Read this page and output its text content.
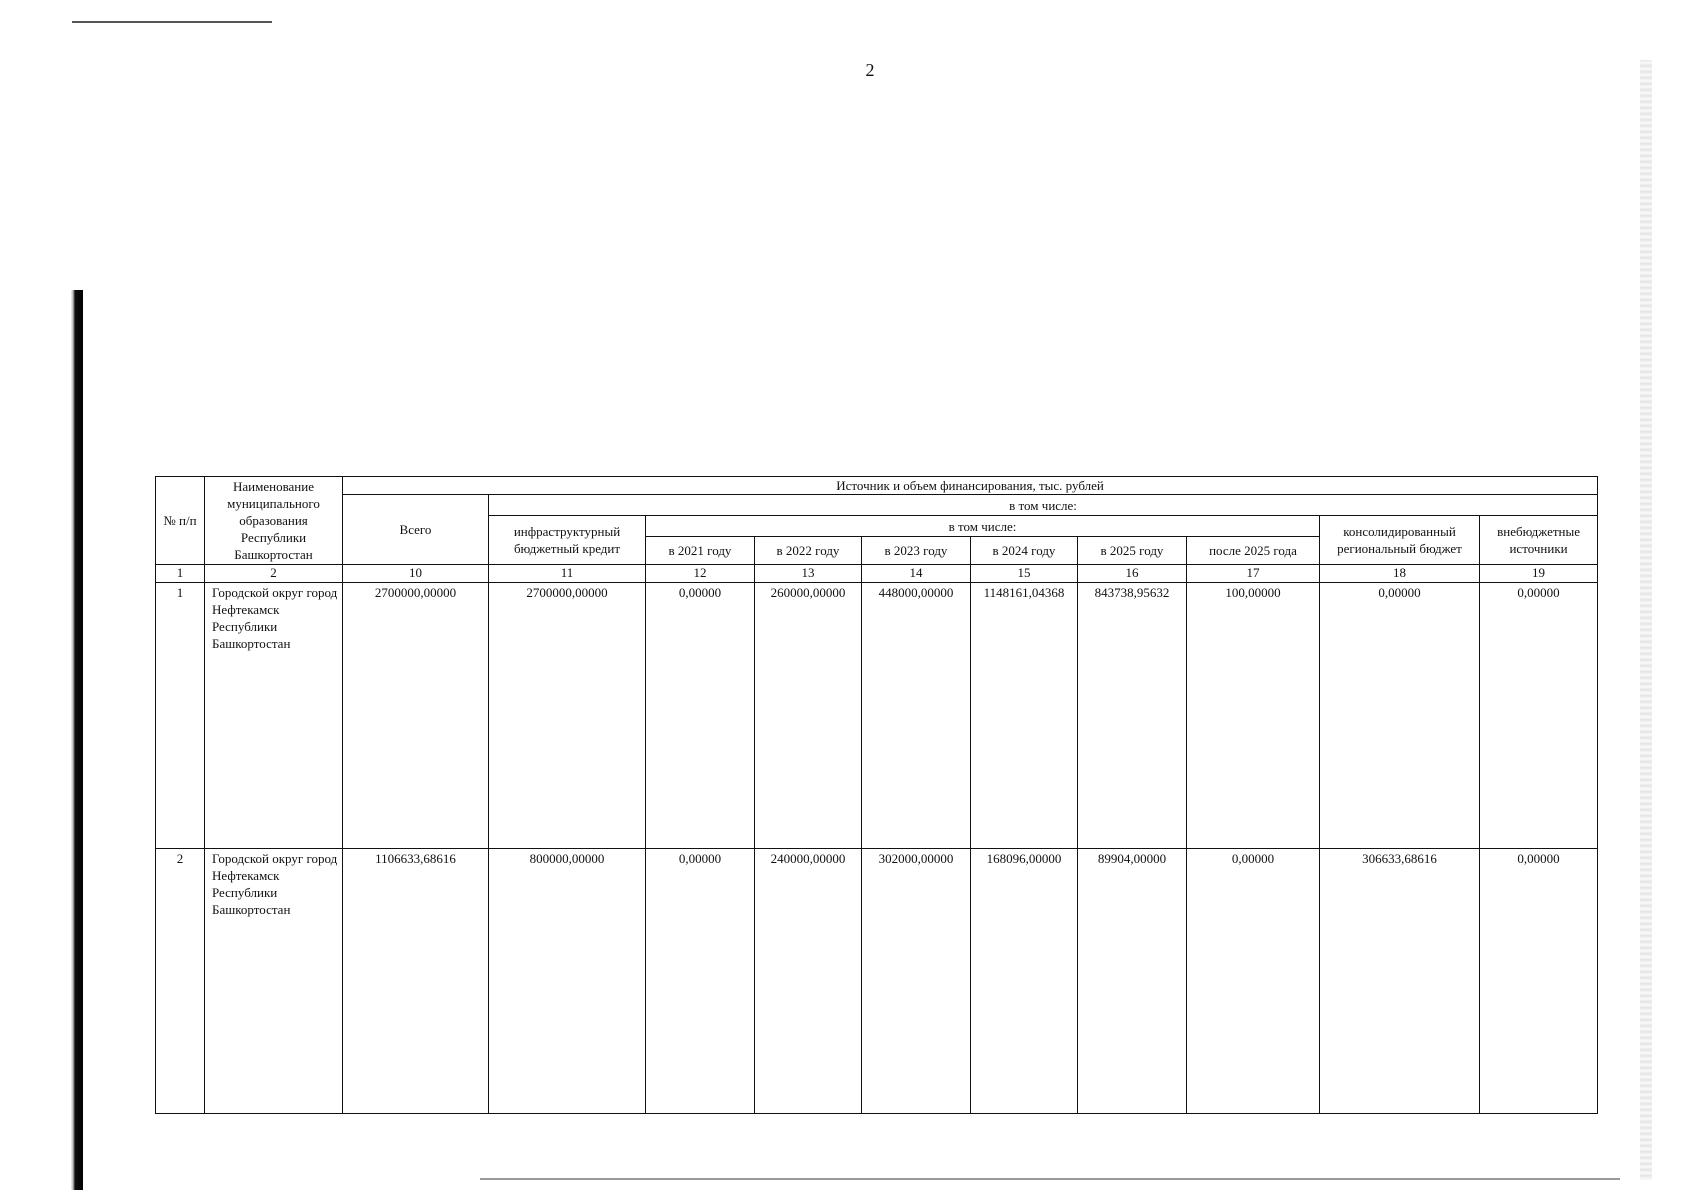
2
№ п/п	Наименование муниципального образования Республики Башкортостан	Источник и объем финансирования, тыс. рублей									
		Всего	в том числе:								
			инфраструктурный бюджетный кредит	в том числе:						консолидированный региональный бюджет	внебюджетные источники
				в 2021 году	в 2022 году	в 2023 году	в 2024 году	в 2025 году	после 2025 года		
1	2	10	11	12	13	14	15	16	17	18	19
1	Городской округ город Нефтекамск Республики Башкортостан	2700000,00000	2700000,00000	0,00000	260000,00000	448000,00000	1148161,04368	843738,95632	100,00000	0,00000	0,00000
2	Городской округ город Нефтекамск Республики Башкортостан	1106633,68616	800000,00000	0,00000	240000,00000	302000,00000	168096,00000	89904,00000	0,00000	306633,68616	0,00000
